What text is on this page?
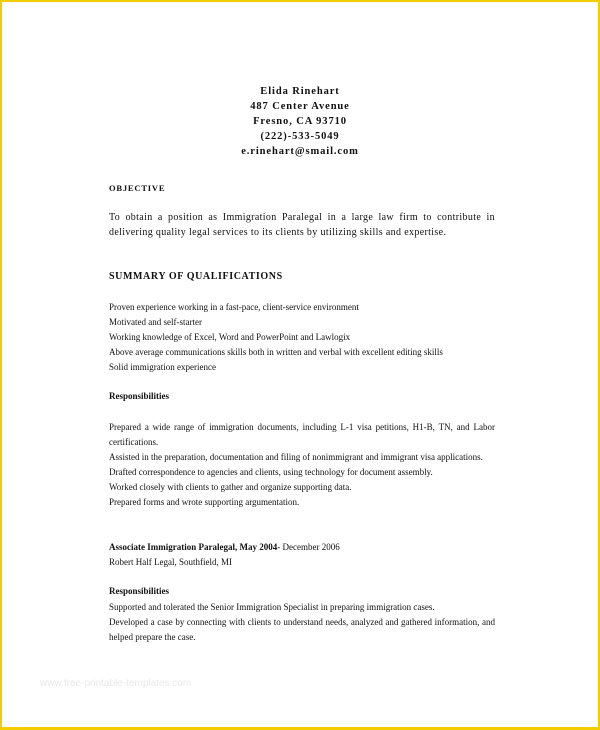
Elida Rinehart
487 Center Avenue
Fresno, CA 93710
(222)-533-5049
e.rinehart@smail.com
OBJECTIVE
To obtain a position as Immigration Paralegal in a large law firm to contribute in delivering quality legal services to its clients by utilizing skills and expertise.
SUMMARY OF QUALIFICATIONS
Proven experience working in a fast-pace, client-service environment
Motivated and self-starter
Working knowledge of Excel, Word and PowerPoint and Lawlogix
Above average communications skills both in written and verbal with excellent editing skills
Solid immigration experience
Responsibilities
Prepared a wide range of immigration documents, including L-1 visa petitions, H1-B, TN, and Labor certifications.
Assisted in the preparation, documentation and filing of nonimmigrant and immigrant visa applications.
Drafted correspondence to agencies and clients, using technology for document assembly.
Worked closely with clients to gather and organize supporting data.
Prepared forms and wrote supporting argumentation.
Associate Immigration Paralegal, May 2004- December 2006
Robert Half Legal, Southfield, MI
Responsibilities
Supported and tolerated the Senior Immigration Specialist in preparing immigration cases.
Developed a case by connecting with clients to understand needs, analyzed and gathered information, and helped prepare the case.
www.free-printable-templates.com
